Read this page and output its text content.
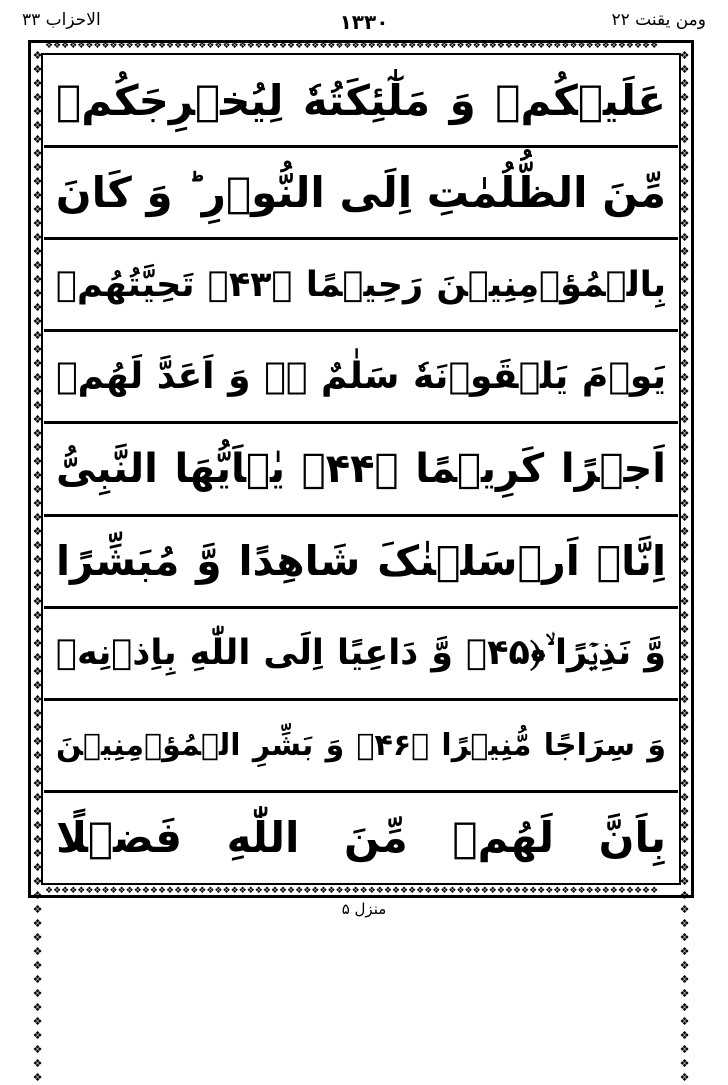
ومن یقنت ۲۲
۱۳۳۰
الاحزاب ۳۳
❖❖❖❖❖❖❖❖❖❖❖❖❖❖❖❖❖❖❖❖❖❖❖❖❖❖❖❖❖❖❖❖❖❖❖❖❖❖❖❖❖❖❖❖❖❖❖❖❖❖❖❖❖❖❖❖❖❖❖❖❖❖❖❖❖❖❖❖❖❖❖❖❖❖❖❖
❖❖❖❖❖❖❖❖❖❖❖❖❖❖❖❖❖❖❖❖❖❖❖❖❖❖❖❖❖❖❖❖❖❖❖❖❖❖❖❖❖❖❖❖❖❖❖❖❖❖❖❖❖❖❖❖❖❖❖❖❖❖❖❖❖❖❖❖❖❖❖❖❖❖❖❖
❖❖❖❖❖❖❖❖❖❖❖❖❖❖❖❖❖❖❖❖❖❖❖❖❖❖❖❖❖❖❖❖❖❖❖❖❖❖❖❖❖❖❖❖❖❖❖❖❖❖❖❖❖❖❖❖❖❖❖❖❖❖❖❖❖❖❖❖❖❖❖❖❖❖	❖❖❖❖❖❖❖❖❖❖❖❖❖❖❖❖❖❖❖❖❖❖❖❖❖❖❖❖❖❖❖❖❖❖❖❖❖❖❖❖❖❖❖❖❖❖❖❖❖❖❖❖❖❖❖❖❖❖❖❖❖❖❖❖❖❖❖❖❖❖❖❖❖❖
عَلَیۡکُمۡ وَ مَلٰٓئِکَتُهٗ لِیُخۡرِجَکُمۡ
مِّنَ الظُّلُمٰتِ اِلَی النُّوۡرِ ؕ وَ کَانَ
بِالۡمُؤۡمِنِیۡنَ رَحِیۡمًا ﴿۴۳﴾ تَحِیَّتُهُمۡ
یَوۡمَ یَلۡقَوۡنَهٗ سَلٰمٌ ۚۖ وَ اَعَدَّ لَهُمۡ
اَجۡرًا کَرِیۡمًا ﴿۴۴﴾ یٰۤاَیُّهَا النَّبِیُّ
اِنَّاۤ اَرۡسَلۡنٰکَ شَاهِدًا وَّ مُبَشِّرًا
وَّ نَذِیۡرًا ۙ﴿۴۵﴾ وَّ دَاعِیًا اِلَی اللّٰهِ بِاِذۡنِهٖ
وَ سِرَاجًا مُّنِیۡرًا ﴿۴۶﴾ وَ بَشِّرِ الۡمُؤۡمِنِیۡنَ
بِاَنَّ لَهُمۡ مِّنَ اللّٰهِ فَضۡلًا
منزل ۵
